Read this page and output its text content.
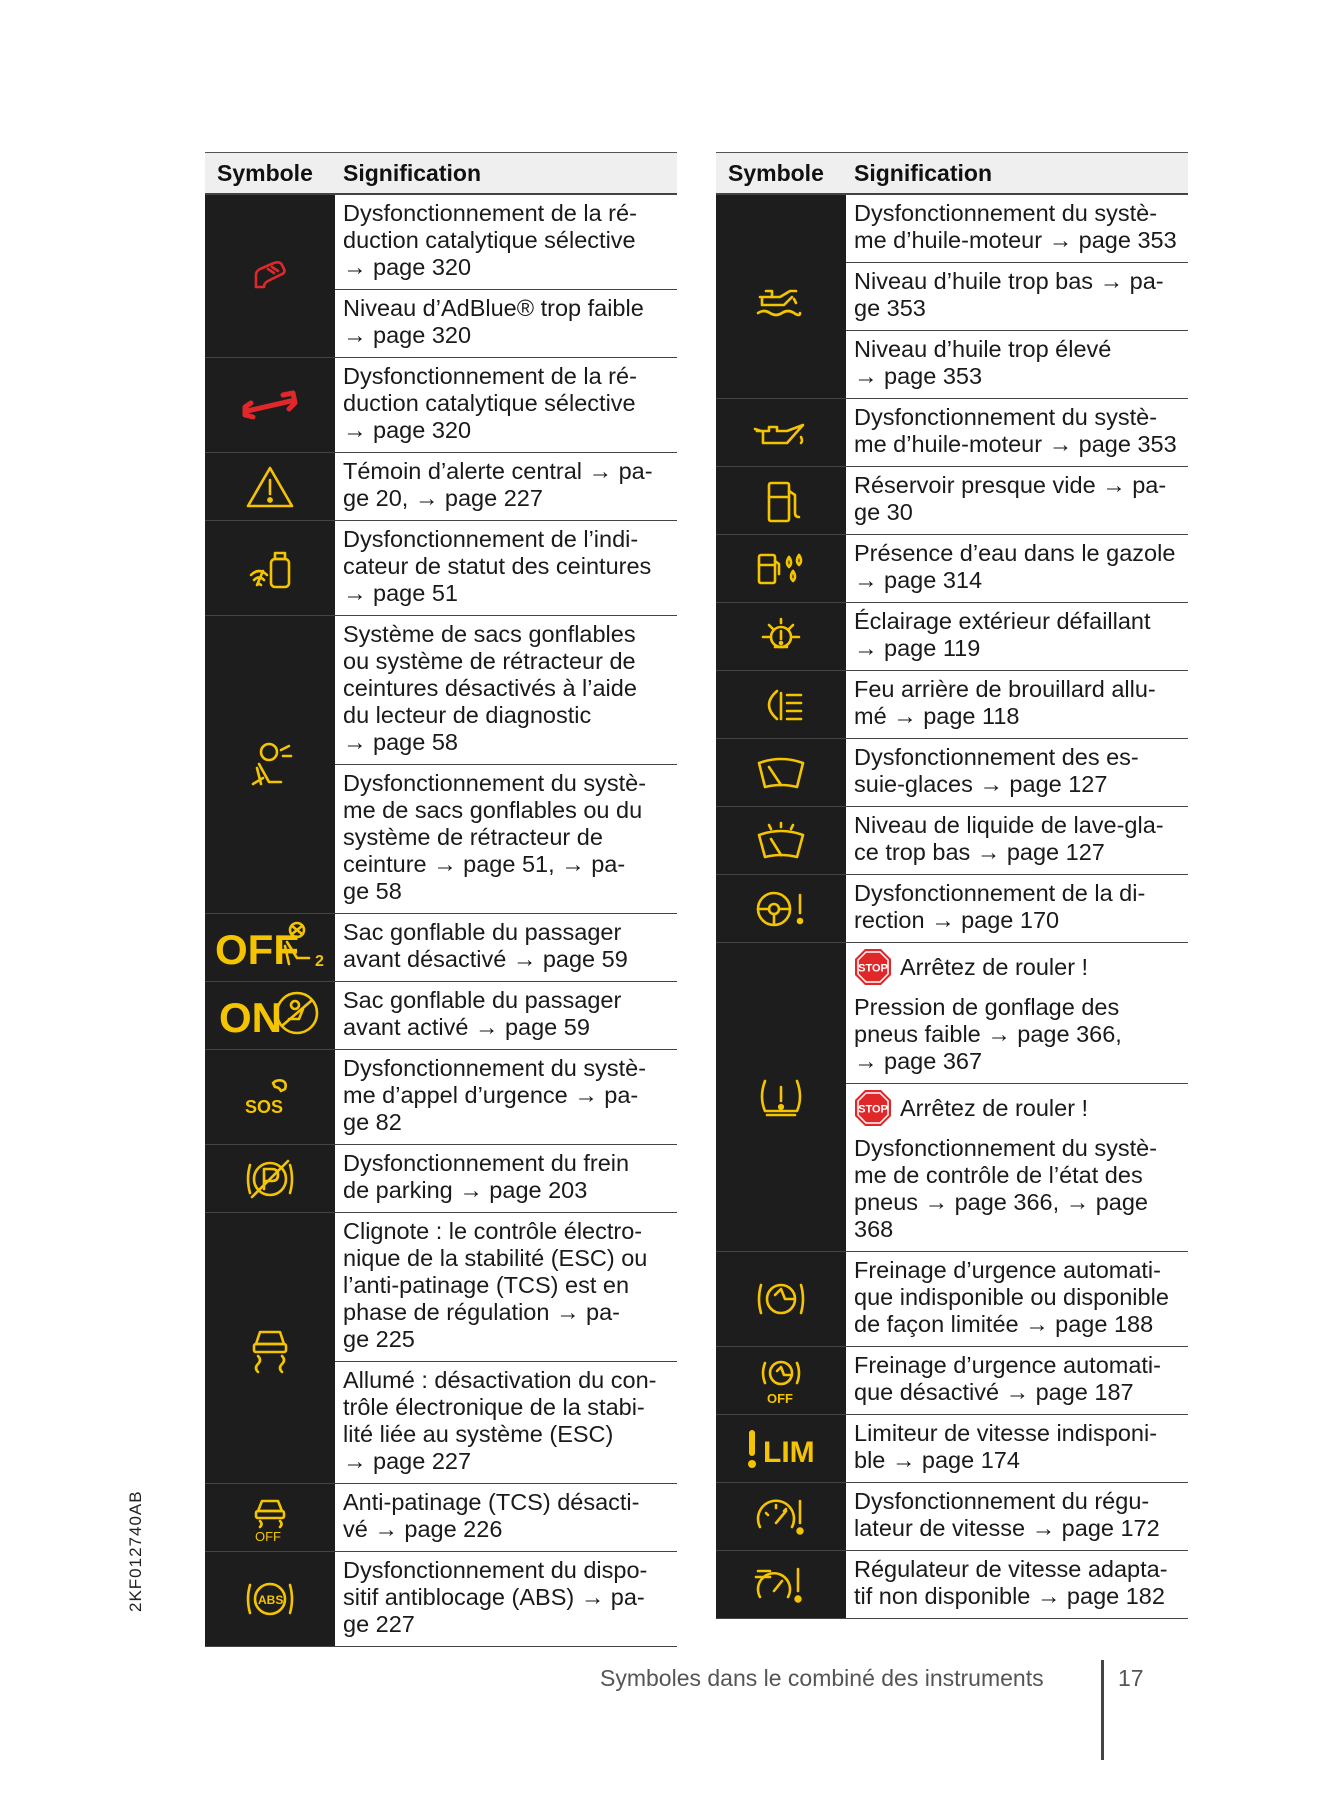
Symbole	Signification
	Dysfonctionnement de la ré-
duction catalytique sélective
→ page 320
	Niveau d’AdBlue® trop faible
→ page 320
	Dysfonctionnement de la ré-
duction catalytique sélective
→ page 320
	Témoin d’alerte central → pa-
ge 20, → page 227
	Dysfonctionnement de l’indi-
cateur de statut des ceintures
→ page 51
	Système de sacs gonflables
ou système de rétracteur de
ceintures désactivés à l’aide
du lecteur de diagnostic
→ page 58
	Dysfonctionnement du systè-
me de sacs gonflables ou du
système de rétracteur de
ceinture → page 51, → pa-
ge 58

OFF 2	Sac gonflable du passager
avant désactivé → page 59

ON	Sac gonflable du passager
avant activé → page 59

SOS	Dysfonctionnement du systè-
me d’appel d’urgence → pa-
ge 82
	Dysfonctionnement du frein
de parking → page 203
	Clignote : le contrôle électro-
nique de la stabilité (ESC) ou
l’anti-patinage (TCS) est en
phase de régulation → pa-
ge 225
	Allumé : désactivation du con-
trôle électronique de la stabi-
lité liée au système (ESC)
→ page 227

OFF	Anti-patinage (TCS) désacti-
vé → page 226

ABS	Dysfonctionnement du dispo-
sitif antiblocage (ABS) → pa-
ge 227
Symbole	Signification
	Dysfonctionnement du systè-
me d’huile-moteur → page 353
	Niveau d’huile trop bas → pa-
ge 353
	Niveau d’huile trop élevé
→ page 353
	Dysfonctionnement du systè-
me d’huile-moteur → page 353
	Réservoir presque vide → pa-
ge 30
	Présence d’eau dans le gazole
→ page 314
	Éclairage extérieur défaillant
→ page 119
	Feu arrière de brouillard allu-
mé → page 118
	Dysfonctionnement des es-
suie-glaces → page 127
	Niveau de liquide de lave-gla-
ce trop bas → page 127
	Dysfonctionnement de la di-
rection → page 170

STOP Arrêtez de rouler !
Pression de gonflage des
pneus faible → page 366,
→ page 367

STOP Arrêtez de rouler !
Dysfonctionnement du systè-
me de contrôle de l’état des
pneus → page 366, → page 368
	Freinage d’urgence automati-
que indisponible ou disponible
de façon limitée → page 188

OFF	Freinage d’urgence automati-
que désactivé → page 187

LIM	Limiteur de vitesse indisponi-
ble → page 174
	Dysfonctionnement du régu-
lateur de vitesse → page 172
	Régulateur de vitesse adapta-
tif non disponible → page 182
2KF012740AB
Symboles dans le combiné des instruments	17
